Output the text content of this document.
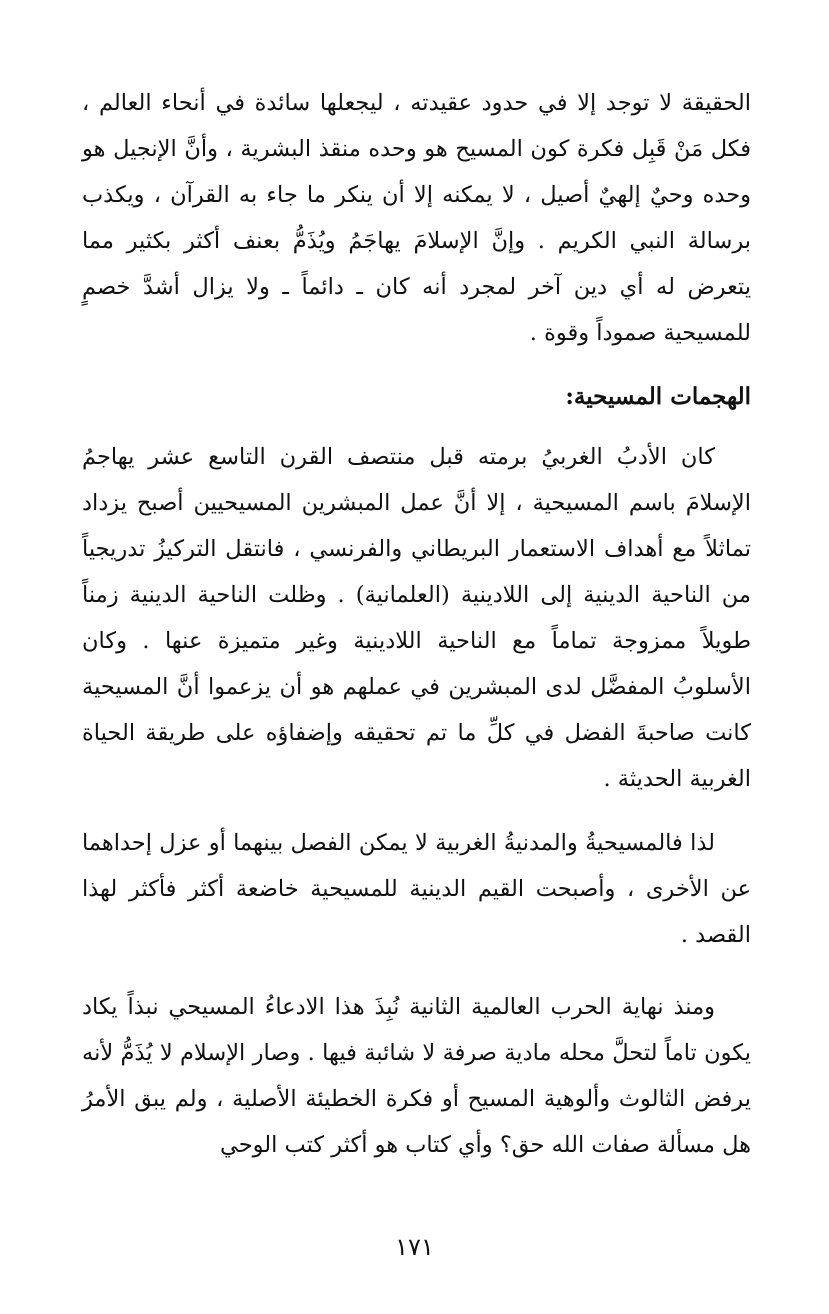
الحقيقة لا توجد إلا في حدود عقيدته ، ليجعلها سائدة في أنحاء العالم ، فكل مَنْ قَبِل فكرة كون المسيح هو وحده منقذ البشرية ، وأنَّ الإنجيل هو وحده وحيٌ إلهيٌ أصيل ، لا يمكنه إلا أن ينكر ما جاء به القرآن ، ويكذب برسالة النبي الكريم . وإنَّ الإسلامَ يهاجَمُ ويُذَمُّ بعنف أكثر بكثير مما يتعرض له أي دين آخر لمجرد أنه كان ـ دائماً ـ ولا يزال أشدَّ خصمٍ للمسيحية صموداً وقوة .

الهجمات المسيحية:

كان الأدبُ الغربيُ برمته قبل منتصف القرن التاسع عشر يهاجمُ الإسلامَ باسم المسيحية ، إلا أنَّ عمل المبشرين المسيحيين أصبح يزداد تماثلاً مع أهداف الاستعمار البريطاني والفرنسي ، فانتقل التركيزُ تدريجياً من الناحية الدينية إلى اللادينية (العلمانية) . وظلت الناحية الدينية زمناً طويلاً ممزوجة تماماً مع الناحية اللادينية وغير متميزة عنها . وكان الأسلوبُ المفضَّل لدى المبشرين في عملهم هو أن يزعموا أنَّ المسيحية كانت صاحبةَ الفضل في كلِّ ما تم تحقيقه وإضفاؤه على طريقة الحياة الغربية الحديثة .

لذا فالمسيحيةُ والمدنيةُ الغربية لا يمكن الفصل بينهما أو عزل إحداهما عن الأخرى ، وأصبحت القيم الدينية للمسيحية خاضعة أكثر فأكثر لهذا القصد .

ومنذ نهاية الحرب العالمية الثانية نُبِذَ هذا الادعاءُ المسيحي نبذاً يكاد يكون تاماً لتحلَّ محله مادية صرفة لا شائبة فيها . وصار الإسلام لا يُذَمُّ لأنه يرفض الثالوث وألوهية المسيح أو فكرة الخطيئة الأصلية ، ولم يبق الأمرُ هل مسألة صفات الله حق؟ وأي كتاب هو أكثر كتب الوحي

١٧١
